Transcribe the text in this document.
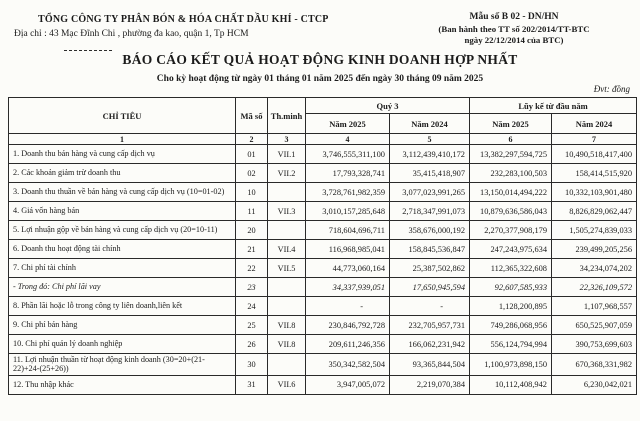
TỔNG CÔNG TY PHÂN BÓN & HÓA CHẤT DẦU KHÍ - CTCP
Địa chỉ : 43 Mạc Đĩnh Chi , phường đa kao, quận 1, Tp HCM
Mẫu số B 02 - DN/HN
(Ban hành theo TT số 202/2014/TT-BTC
ngày 22/12/2014 của BTC)
BÁO CÁO KẾT QUẢ HOẠT ĐỘNG KINH DOANH HỢP NHẤT
Cho kỳ hoạt động từ ngày 01 tháng 01 năm 2025 đến ngày 30 tháng 09 năm 2025
Đvt: đồng
CHỈ TIÊU	Mã số	Th.minh	Quý 3		Lũy kế từ đầu năm	
			Năm 2025	Năm 2024	Năm 2025	Năm 2024
1	2	3	4	5	6	7
1. Doanh thu bán hàng và cung cấp dịch vụ	01	VII.1	3,746,555,311,100	3,112,439,410,172	13,382,297,594,725	10,490,518,417,400
2. Các khoản giảm trừ doanh thu	02	VII.2	17,793,328,741	35,415,418,907	232,283,100,503	158,414,515,920
3. Doanh thu thuần về bán hàng và cung cấp dịch vụ (10=01-02)	10		3,728,761,982,359	3,077,023,991,265	13,150,014,494,222	10,332,103,901,480
4. Giá vốn hàng bán	11	VII.3	3,010,157,285,648	2,718,347,991,073	10,879,636,586,043	8,826,829,062,447
5. Lợi nhuận gộp về bán hàng và cung cấp dịch vụ (20=10-11)	20		718,604,696,711	358,676,000,192	2,270,377,908,179	1,505,274,839,033
6. Doanh thu hoạt động tài chính	21	VII.4	116,968,985,041	158,845,536,847	247,243,975,634	239,499,205,256
7. Chi phí tài chính	22	VII.5	44,773,060,164	25,387,502,862	112,365,322,608	34,234,074,202
- Trong đó: Chi phí lãi vay	23		34,337,939,051	17,650,945,594	92,607,585,933	22,326,109,572
8. Phần lãi hoặc lỗ trong công ty liên doanh,liên kết	24		-	-	1,128,200,895	1,107,968,557
9. Chi phí bán hàng	25	VII.8	230,846,792,728	232,705,957,731	749,286,068,956	650,525,907,059
10. Chi phí quản lý doanh nghiệp	26	VII.8	209,611,246,356	166,062,231,942	556,124,794,994	390,753,699,603
11. Lợi nhuận thuần từ hoạt động kinh doanh (30=20+(21-22)+24-(25+26))	30		350,342,582,504	93,365,844,504	1,100,973,898,150	670,368,331,982
12. Thu nhập khác	31	VII.6	3,947,005,072	2,219,070,384	10,112,408,942	6,230,042,021
